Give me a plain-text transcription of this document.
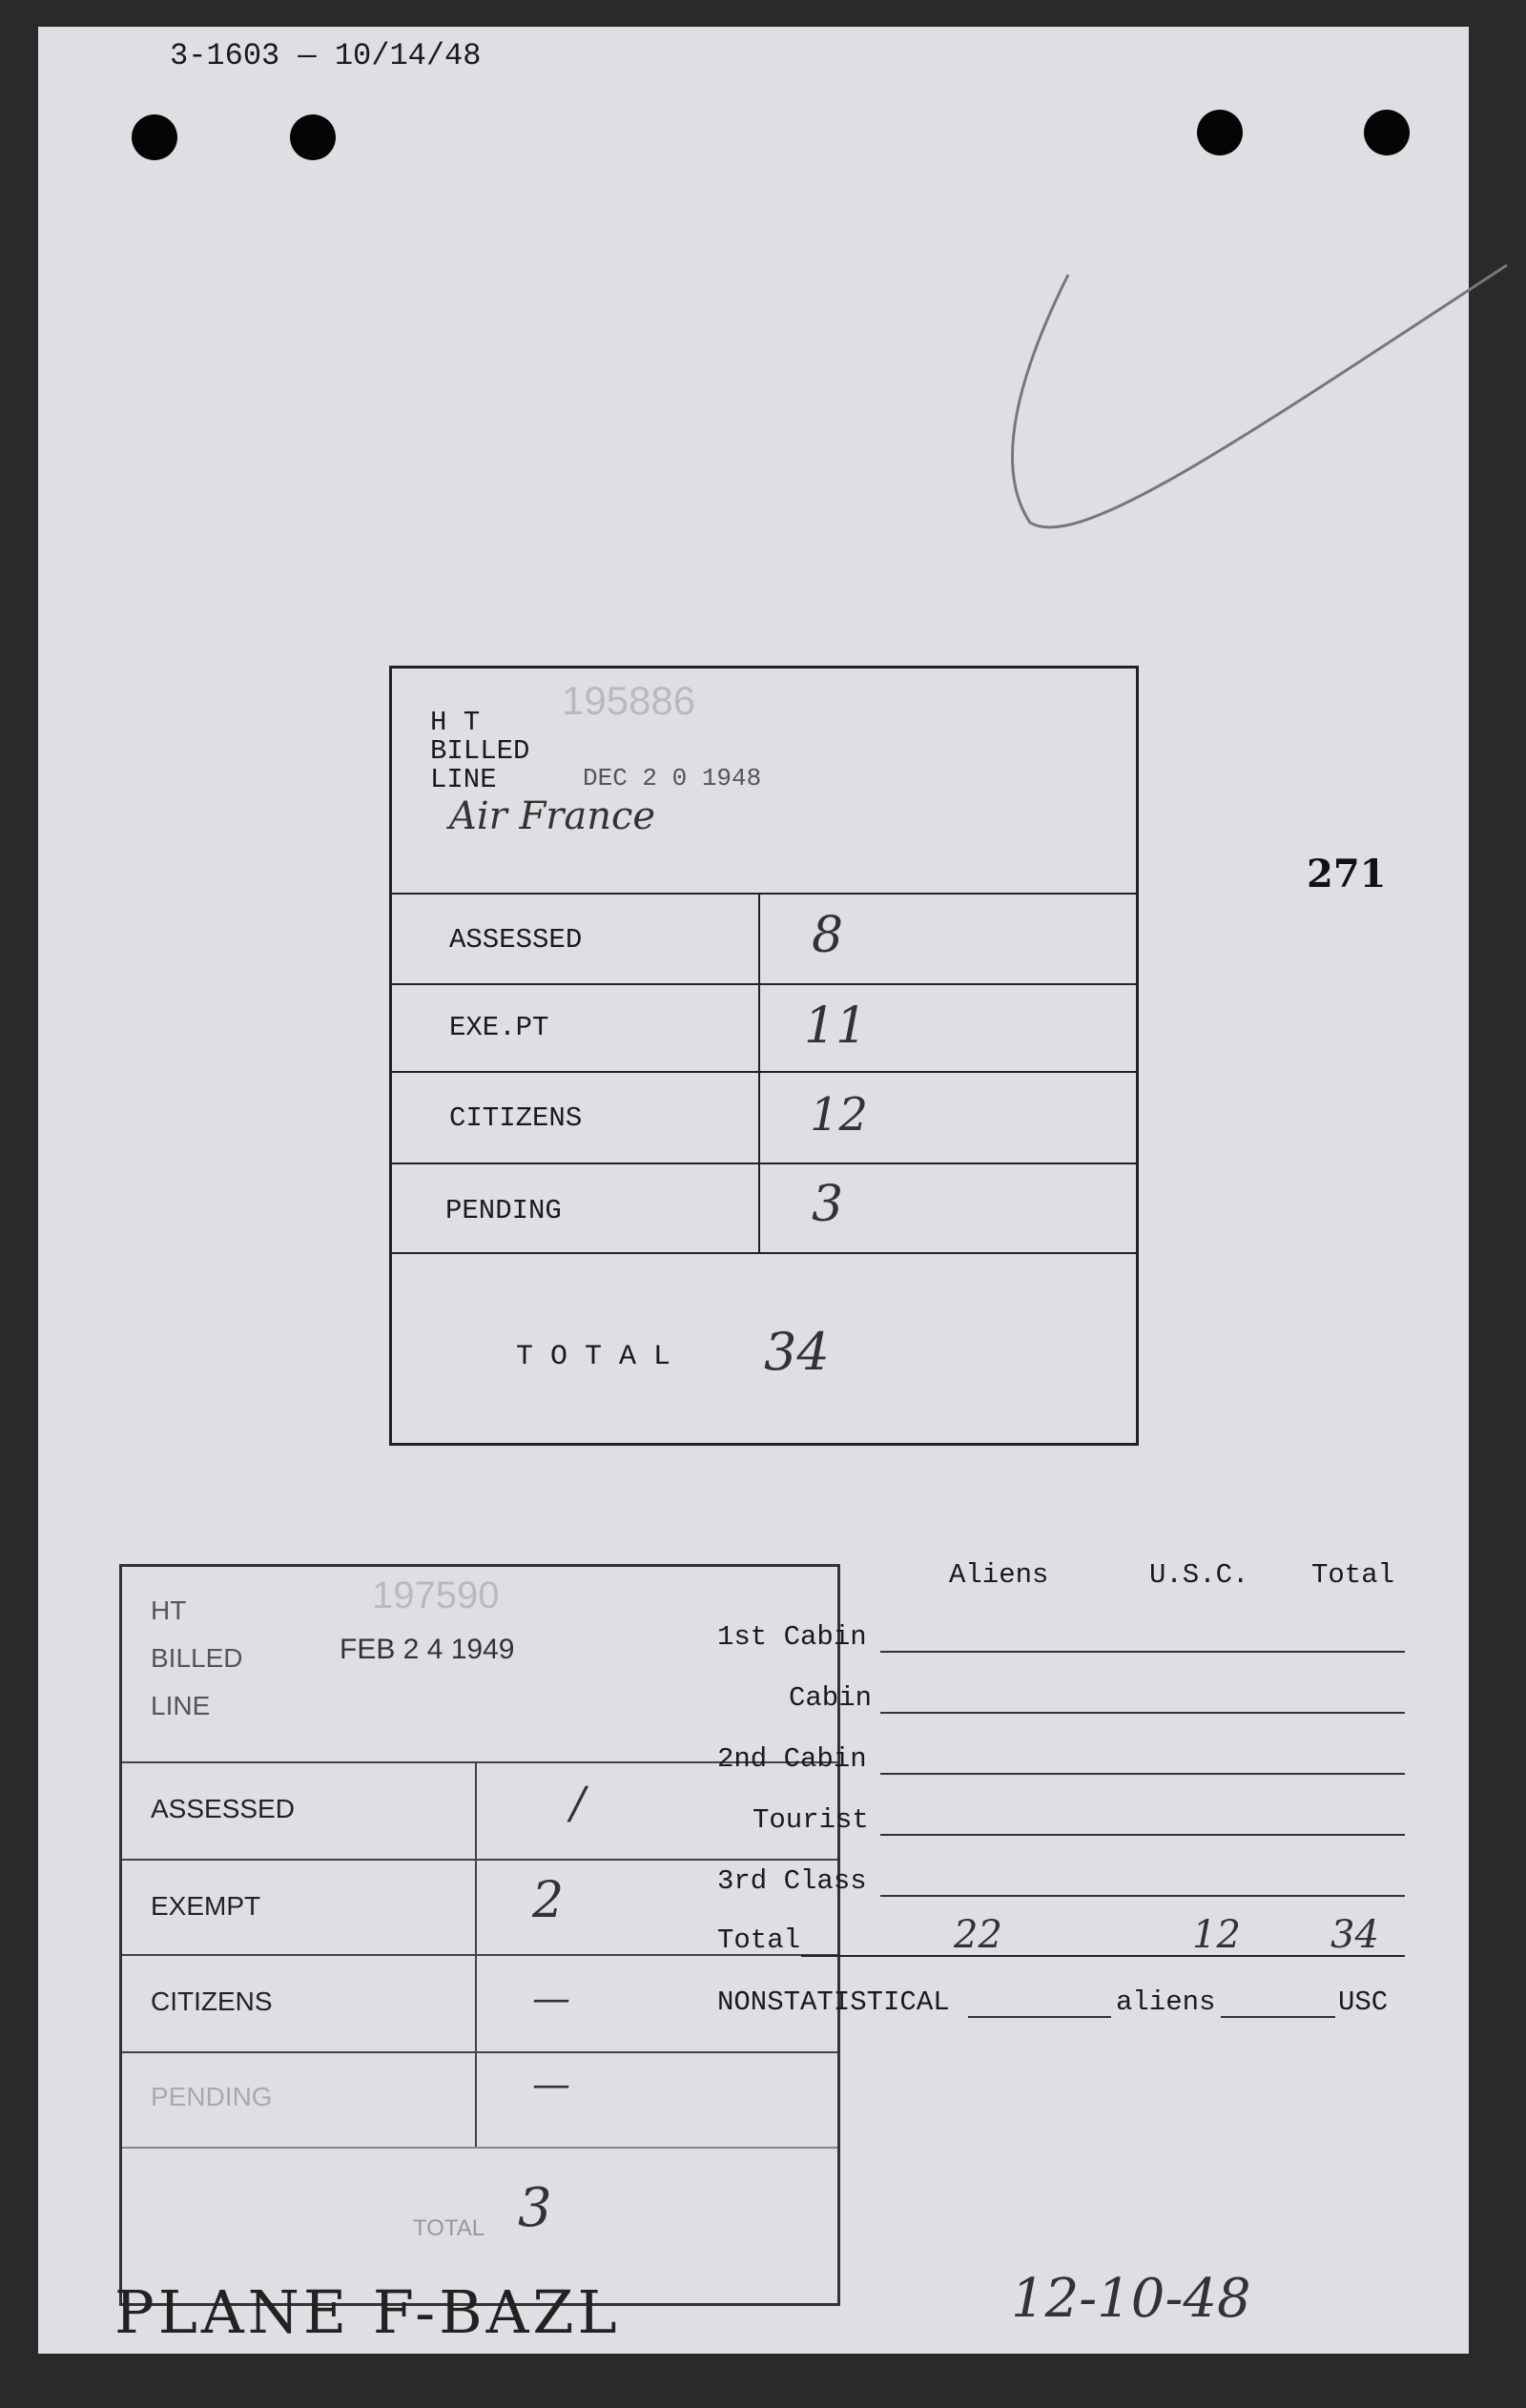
3-1603 — 10/14/48
271
195886
H T
BILLED
LINE	DEC 2 0 1948
Air France
ASSESSED	8
EXE.PT	11
CITIZENS	12
PENDING	3
T O T A L 34
197590
HT
BILLED
LINE
FEB 2 4 1949
ASSESSED	/
EXEMPT	2
CITIZENS	—
PENDING	—
TOTAL 3
Aliens	U.S.C. Total
1st Cabin
Cabin
2nd Cabin
Tourist
3rd Class
Total	22	12 34
NONSTATISTICAL	aliens	USC
PLANE F-BAZL	12-10-48
